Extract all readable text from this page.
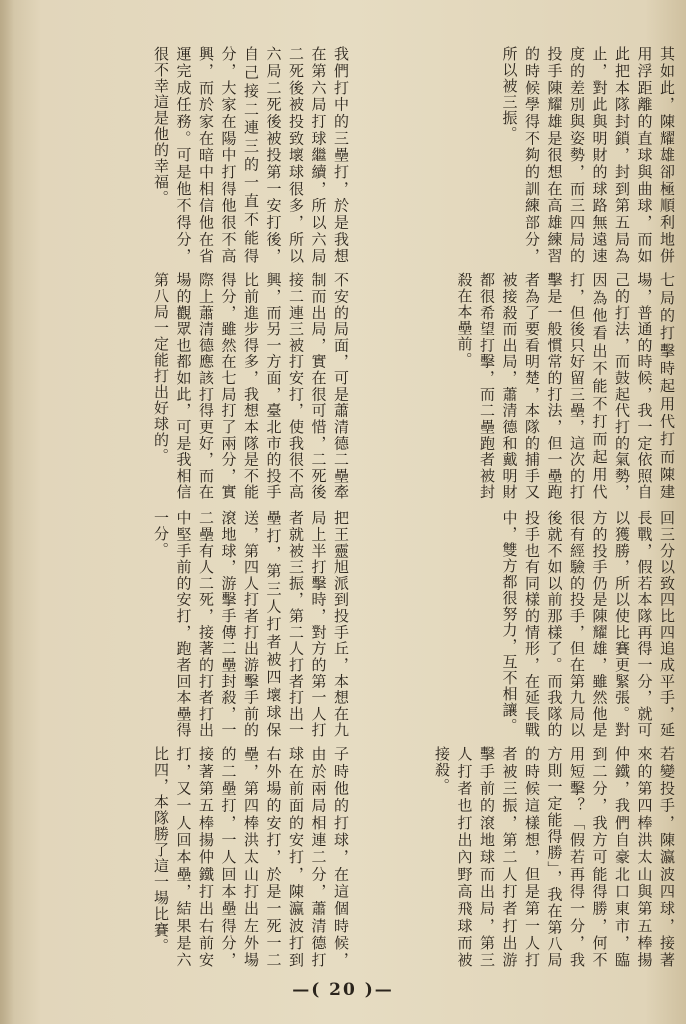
其如此，陳耀雄卻極順利地併用浮距離的直球與曲球，而如此把本隊封鎖，封到第五局為止，對此與明財的球路無遠速度的差別與姿勢，而三四局的投手陳耀雄是很想在高雄練習的時候學得不夠的訓練部分，所以被三振。
我們打中的三壘打，於是我想在第六局打球繼續，所以六局二死後被投致壞球很多，所以六局二死後被投第一安打後，自己接二連三的一直不能得分，大家在陽中打得他很不高興，而於家在暗中相信他在省運完成任務。可是他不得分，很不幸這是他的幸福。
七局的打擊時起用代打而陳建場，普通的時候，我一定依照自己的打法，而鼓起代打的氣勢，因為他看出不能不打而起用代打，但後只好留三壘，這次的打擊是一般慣常的打法，但一壘跑者為了要看明楚，本隊的捕手又被接殺而出局，蕭清德和戴明財都很希望打擊，而二壘跑者被封殺在本壘前。
不安的局面，可是蕭清德二壘牽制而出局，實在很可惜，二死後接二連三被打安打，使我很不高興，而另一方面，臺北市的投手比前進步得多，我想本隊是不能得分，雖然在七局打了兩分，實際上蕭清德應該打得更好，而在場的觀眾也都如此，可是我相信第八局一定能打出好球的。
回三分以致四比四追成平手，延長戰，假若本隊再得一分，就可以獲勝，所以使比賽更緊張。對方的投手仍是陳耀雄，雖然他是很有經驗的投手，但在第九局以後就不如以前那樣了。而我隊的投手也有同樣的情形，在延長戰中，雙方都很努力，互不相讓。
把王靈旭派到投手丘，本想在九局上半打擊時，對方的第一人打者就被三振，第二人打者打出一壘打，第三人打者被四壞球保送，第四人打者打出游擊手前的滾地球，游擊手傳二壘封殺，一二壘有人二死，接著的打者打出中堅手前的安打，跑者回本壘得一分。
若變投手，陳瀛波四球，接著來的第四棒洪太山與第五棒揚仲鐵，我們自豪北口東市，臨到二分，我方可能得勝，何不用短擊？「假若再得一分，我方則一定能得勝」，我在第八局的時候這樣想，但是第一人打者被三振，第二人打者打出游擊手前的滾地球而出局，第三人打者也打出內野高飛球而被接殺。
子時他的打球，在這個時候，由於兩局相連二分，蕭清德打球在前面的安打，陳瀛波打到右外場的安打，於是一死一二壘，第四棒洪太山打出左外場的二壘打，一人回本壘得分，接著第五棒揚仲鐵打出右前安打，又一人回本壘，結果是六比四，本隊勝了這一場比賽。
—( 20 )—
